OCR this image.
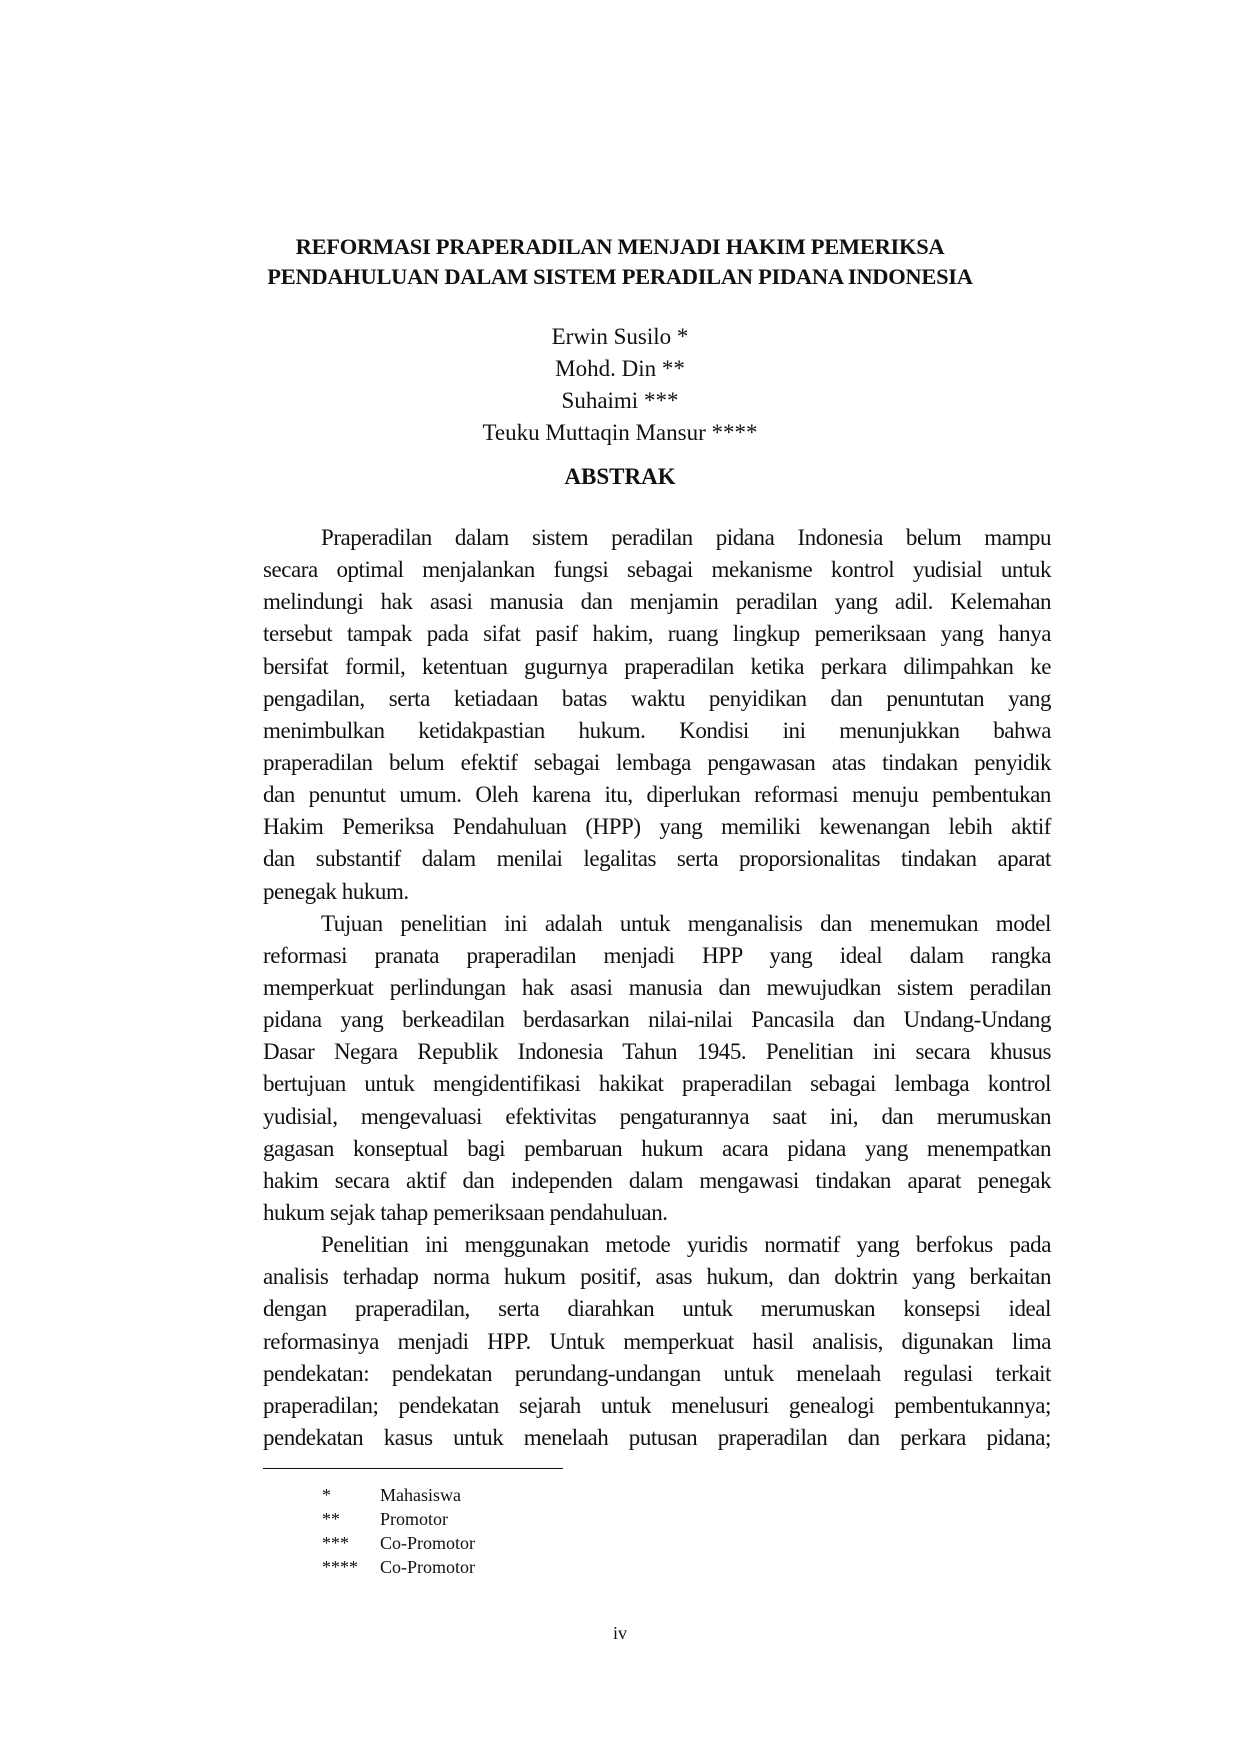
REFORMASI PRAPERADILAN MENJADI HAKIM PEMERIKSA
PENDAHULUAN DALAM SISTEM PERADILAN PIDANA INDONESIA
Erwin Susilo *
Mohd. Din **
Suhaimi ***
Teuku Muttaqin Mansur ****
ABSTRAK
Praperadilan dalam sistem peradilan pidana Indonesia belum mampu
secara optimal menjalankan fungsi sebagai mekanisme kontrol yudisial untuk
melindungi hak asasi manusia dan menjamin peradilan yang adil. Kelemahan
tersebut tampak pada sifat pasif hakim, ruang lingkup pemeriksaan yang hanya
bersifat formil, ketentuan gugurnya praperadilan ketika perkara dilimpahkan ke
pengadilan, serta ketiadaan batas waktu penyidikan dan penuntutan yang
menimbulkan ketidakpastian hukum. Kondisi ini menunjukkan bahwa
praperadilan belum efektif sebagai lembaga pengawasan atas tindakan penyidik
dan penuntut umum. Oleh karena itu, diperlukan reformasi menuju pembentukan
Hakim Pemeriksa Pendahuluan (HPP) yang memiliki kewenangan lebih aktif
dan substantif dalam menilai legalitas serta proporsionalitas tindakan aparat
penegak hukum.
Tujuan penelitian ini adalah untuk menganalisis dan menemukan model
reformasi pranata praperadilan menjadi HPP yang ideal dalam rangka
memperkuat perlindungan hak asasi manusia dan mewujudkan sistem peradilan
pidana yang berkeadilan berdasarkan nilai-nilai Pancasila dan Undang-Undang
Dasar Negara Republik Indonesia Tahun 1945. Penelitian ini secara khusus
bertujuan untuk mengidentifikasi hakikat praperadilan sebagai lembaga kontrol
yudisial, mengevaluasi efektivitas pengaturannya saat ini, dan merumuskan
gagasan konseptual bagi pembaruan hukum acara pidana yang menempatkan
hakim secara aktif dan independen dalam mengawasi tindakan aparat penegak
hukum sejak tahap pemeriksaan pendahuluan.
Penelitian ini menggunakan metode yuridis normatif yang berfokus pada
analisis terhadap norma hukum positif, asas hukum, dan doktrin yang berkaitan
dengan praperadilan, serta diarahkan untuk merumuskan konsepsi ideal
reformasinya menjadi HPP. Untuk memperkuat hasil analisis, digunakan lima
pendekatan: pendekatan perundang-undangan untuk menelaah regulasi terkait
praperadilan; pendekatan sejarah untuk menelusuri genealogi pembentukannya;
pendekatan kasus untuk menelaah putusan praperadilan dan perkara pidana;
*	Mahasiswa
**	Promotor
***	Co-Promotor
****	Co-Promotor
iv
